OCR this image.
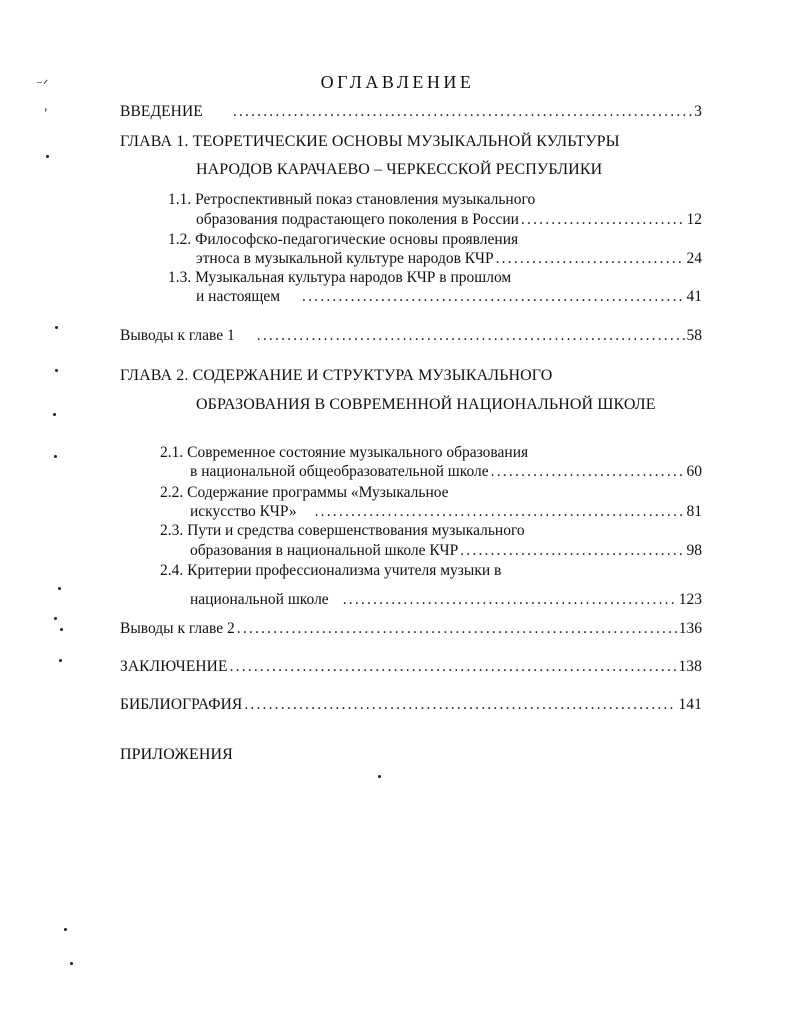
ОГЛАВЛЕНИЕ
ВВЕДЕНИЕ .....	3
ГЛАВА 1. ТЕОРЕТИЧЕСКИЕ ОСНОВЫ МУЗЫКАЛЬНОЙ КУЛЬТУРЫ
НАРОДОВ КАРАЧАЕВО – ЧЕРКЕССКОЙ РЕСПУБЛИКИ
1.1. Ретроспективный показ становления музыкального
образования подрастающего поколения в России .....	12
1.2. Философско-педагогические основы проявления
этноса в музыкальной культуре народов КЧР .....	24
1.3. Музыкальная культура народов КЧР в прошлом
и настоящем .....	41
Выводы к главе 1 .....	58
ГЛАВА 2. СОДЕРЖАНИЕ И СТРУКТУРА МУЗЫКАЛЬНОГО
ОБРАЗОВАНИЯ В СОВРЕМЕННОЙ НАЦИОНАЛЬНОЙ ШКОЛЕ
2.1. Современное состояние музыкального образования
в национальной общеобразовательной школе .....	60
2.2. Содержание программы «Музыкальное
искусство КЧР» .....	81
2.3. Пути и средства совершенствования музыкального
образования в национальной школе КЧР .....	98
2.4. Критерии профессионализма учителя музыки в
национальной школе .....	123
Выводы к главе 2 .....	136
ЗАКЛЮЧЕНИЕ .....	138
БИБЛИОГРАФИЯ .....	141
ПРИЛОЖЕНИЯ
⁻ᐟ
ʹ
